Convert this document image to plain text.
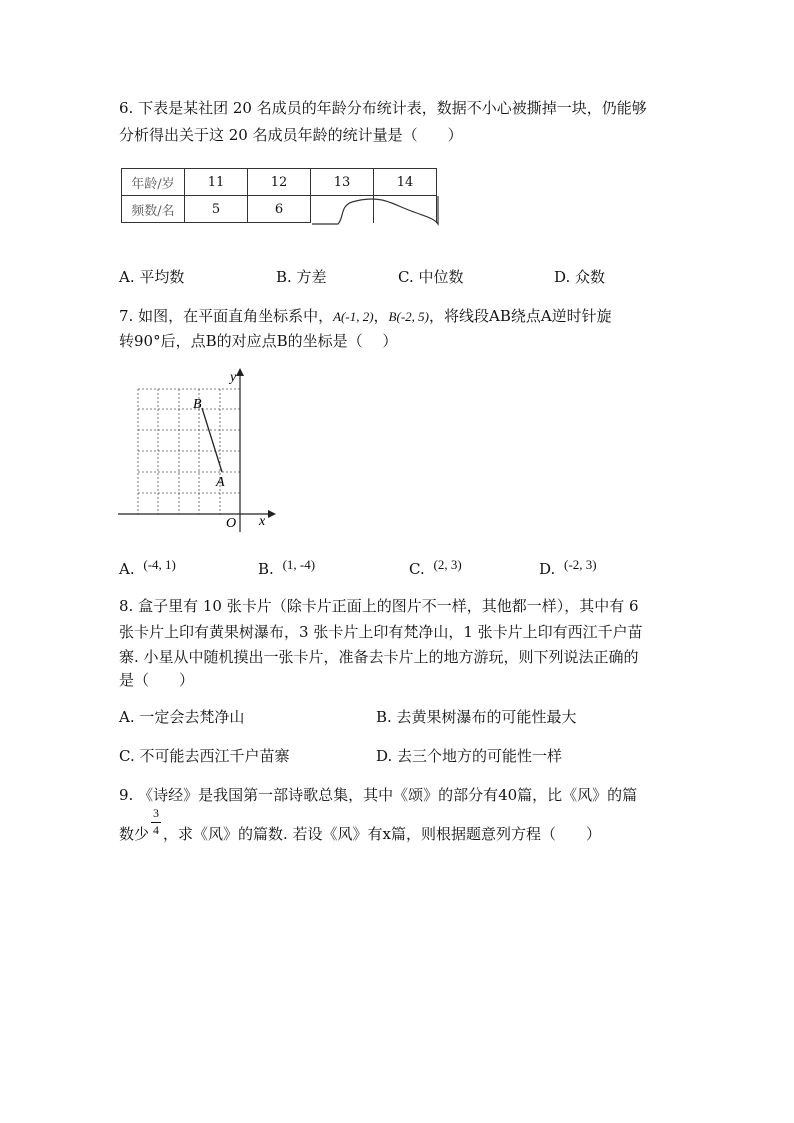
6. 下表是某社团 20 名成员的年龄分布统计表，数据不小心被撕掉一块，仍能够
分析得出关于这 20 名成员年龄的统计量是（　　）
年龄/岁	11	12	13	14
频数/名	5	6		
A. 平均数	B. 方差	C. 中位数	D. 众数
7. 如图，在平面直角坐标系中，A(-1, 2)，B(-2, 5)，将线段AB绕点A逆时针旋
转90°后，点B的对应点B的坐标是（　 ）
y
x
O
A
B
A. (-4, 1)	B. (1, -4)	C. (2, 3)	D. (-2, 3)
8. 盒子里有 10 张卡片（除卡片正面上的图片不一样，其他都一样），其中有 6
张卡片上印有黄果树瀑布，3 张卡片上印有梵净山，1 张卡片上印有西江千户苗
寨. 小星从中随机摸出一张卡片，准备去卡片上的地方游玩，则下列说法正确的
是（　　）
A. 一定会去梵净山	B. 去黄果树瀑布的可能性最大
C. 不可能去西江千户苗寨	D. 去三个地方的可能性一样
9. 《诗经》是我国第一部诗歌总集，其中《颂》的部分有40篇，比《风》的篇
数少 ，求《风》的篇数. 若设《风》有x篇，则根据题意列方程（　　）
3
4
